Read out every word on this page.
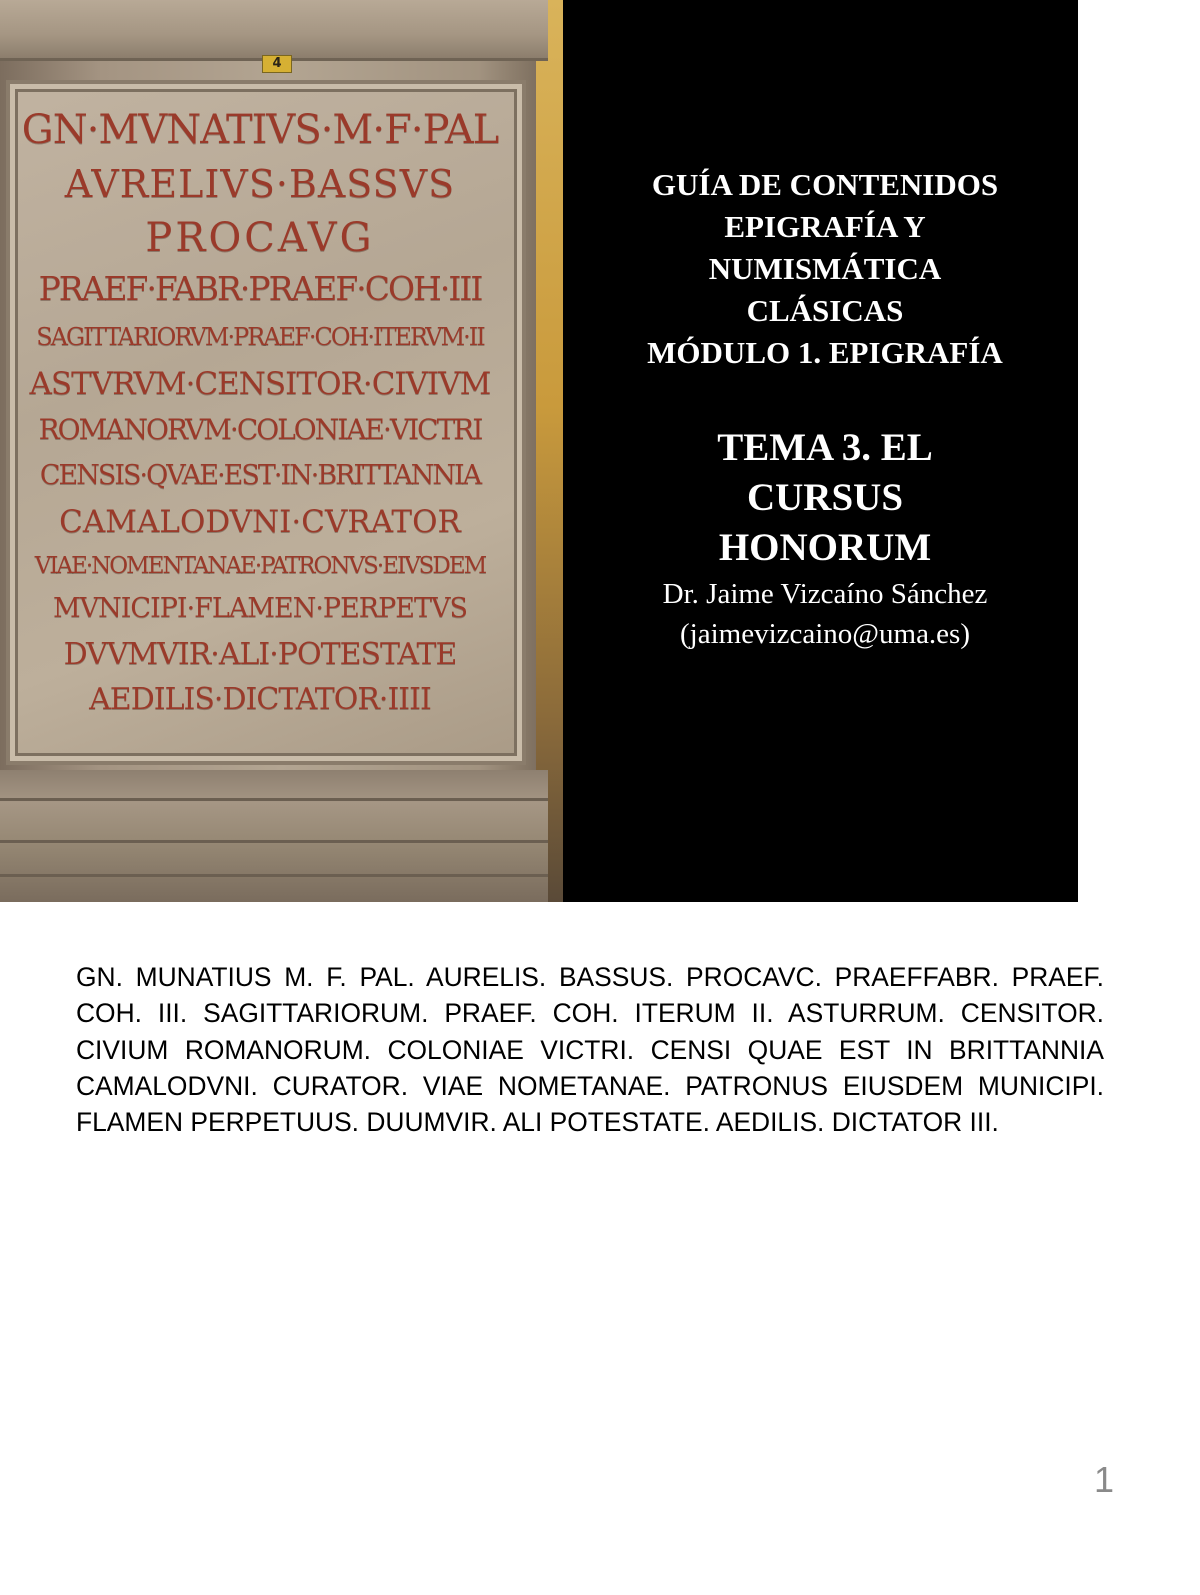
4
GN·MVNATIVS·M·F·PAL
AVRELIVS·BASSVS
PROCAVG
PRAEF·FABR·PRAEF·COH·III
SAGITTARIORVM·PRAEF·COH·ITERVM·II
ASTVRVM·CENSITOR·CIVIVM
ROMANORVM·COLONIAE·VICTRI
CENSIS·QVAE·EST·IN·BRITTANNIA
CAMALODVNI·CVRATOR
VIAE·NOMENTANAE·PATRONVS·EIVSDEM
MVNICIPI·FLAMEN·PERPETVS
DVVMVIR·ALI·POTESTATE
AEDILIS·DICTATOR·IIII
GUÍA DE CONTENIDOS
EPIGRAFÍA Y
NUMISMÁTICA
CLÁSICAS
MÓDULO 1. EPIGRAFÍA
TEMA 3. EL
CURSUS
HONORUM
Dr. Jaime Vizcaíno Sánchez
(jaimevizcaino@uma.es)

GN. MUNATIUS M. F. PAL. AURELIS. BASSUS. PROCAVC. PRAEFFABR. PRAEF. COH. III. SAGITTARIORUM. PRAEF. COH. ITERUM II. ASTURRUM. CENSITOR. CIVIUM ROMANORUM. COLONIAE VICTRI. CENSI QUAE EST IN BRITTANNIA CAMALODVNI. CURATOR. VIAE NOMETANAE. PATRONUS EIUSDEM MUNICIPI. FLAMEN PERPETUUS. DUUMVIR. ALI POTESTATE. AEDILIS. DICTATOR III.

1
